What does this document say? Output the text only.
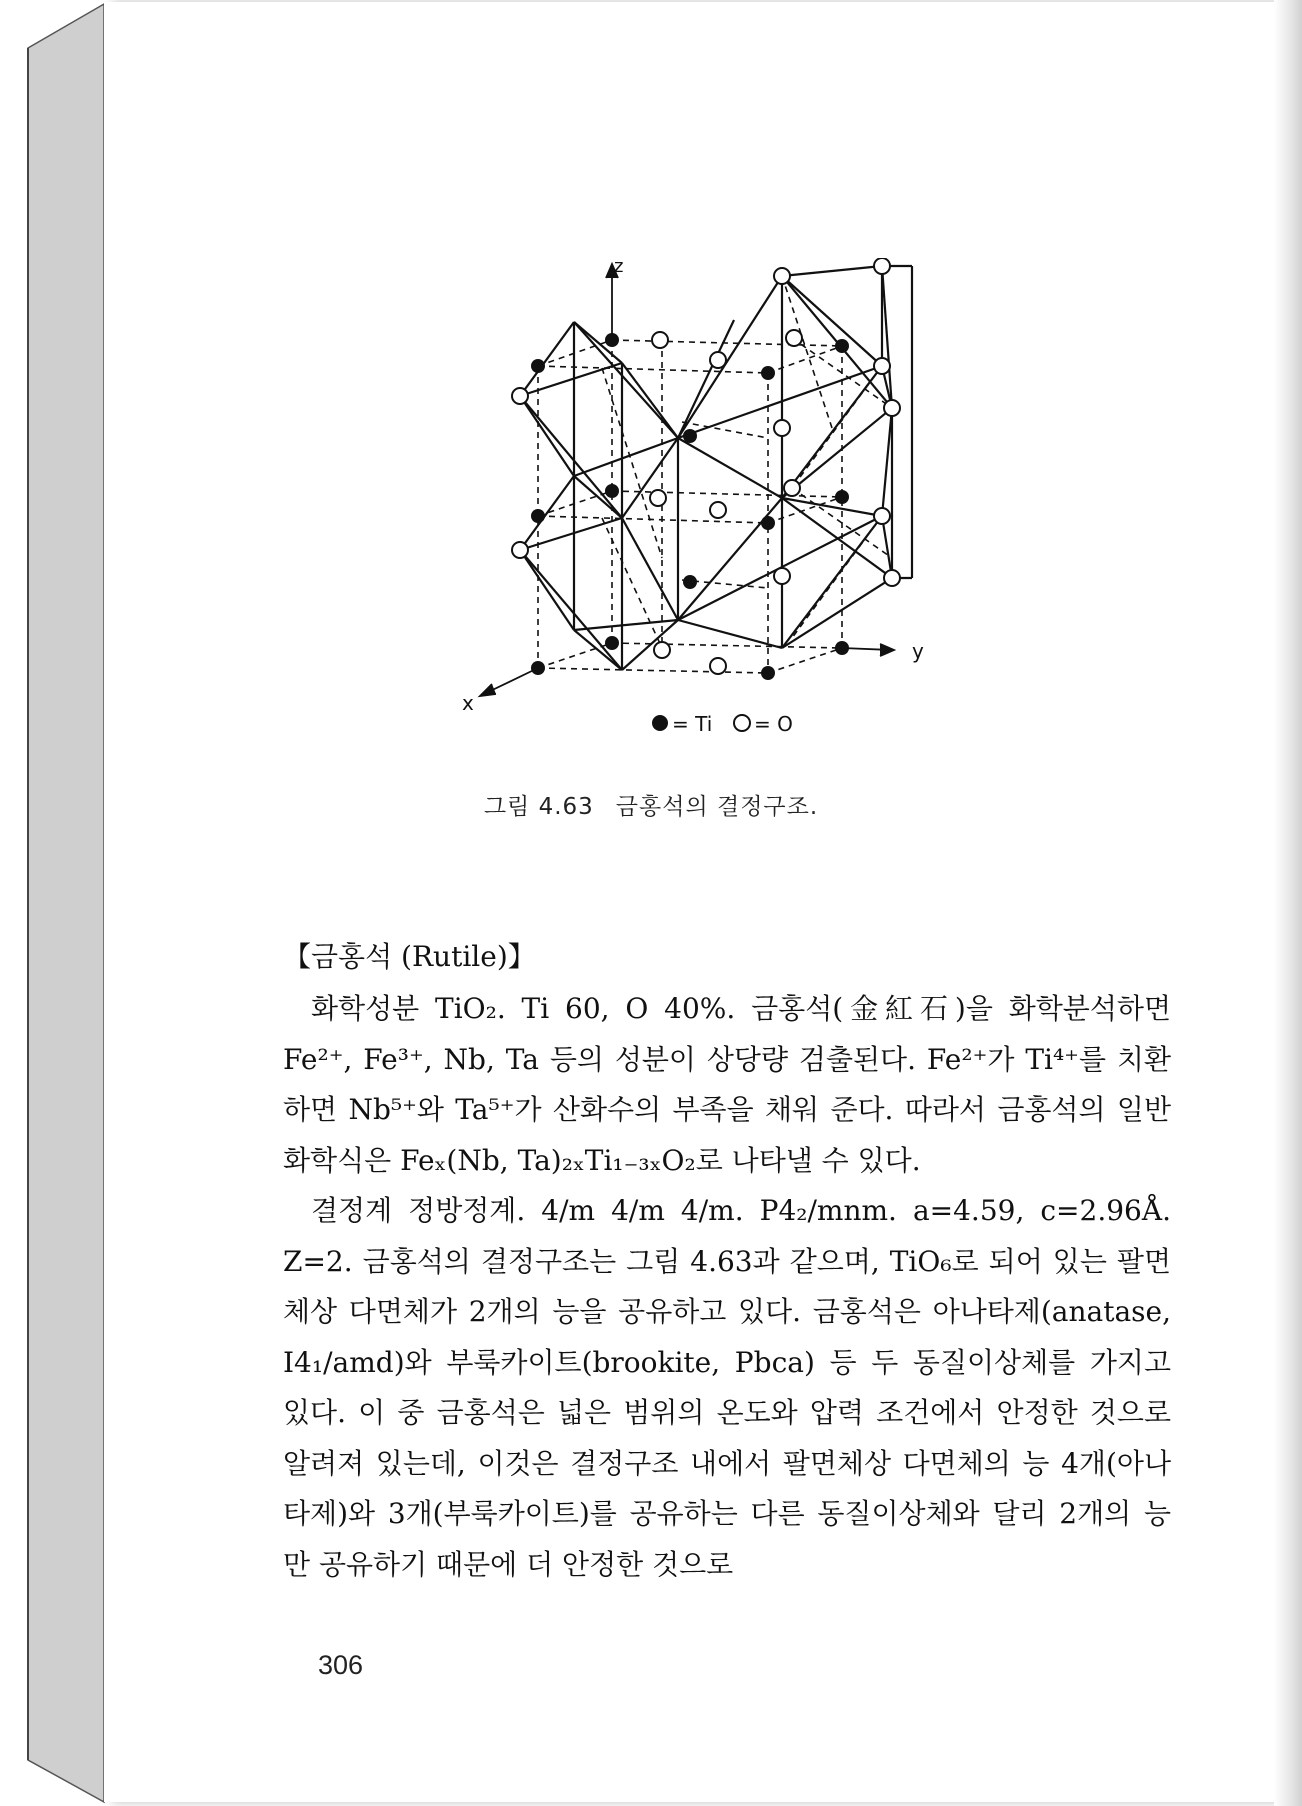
z
y
x
= Ti = O
그림 4.63 금홍석의 결정구조.
【금홍석 (Rutile)】

화학성분 TiO₂. Ti 60, O 40%. 금홍석(金紅石)을 화학분석하면 Fe²⁺, Fe³⁺, Nb, Ta 등의 성분이 상당량 검출된다. Fe²⁺가 Ti⁴⁺를 치환하면 Nb⁵⁺와 Ta⁵⁺가 산화수의 부족을 채워 준다. 따라서 금홍석의 일반화학식은 Feₓ(Nb, Ta)₂ₓTi₁₋₃ₓO₂로 나타낼 수 있다.

결정계 정방정계. 4/m 4/m 4/m. P4₂/mnm. a=4.59, c=2.96Å. Z=2. 금홍석의 결정구조는 그림 4.63과 같으며, TiO₆로 되어 있는 팔면체상 다면체가 2개의 능을 공유하고 있다. 금홍석은 아나타제(anatase, I4₁/amd)와 부룩카이트(brookite, Pbca) 등 두 동질이상체를 가지고 있다. 이 중 금홍석은 넓은 범위의 온도와 압력 조건에서 안정한 것으로 알려져 있는데, 이것은 결정구조 내에서 팔면체상 다면체의 능 4개(아나타제)와 3개(부룩카이트)를 공유하는 다른 동질이상체와 달리 2개의 능만 공유하기 때문에 더 안정한 것으로

306
